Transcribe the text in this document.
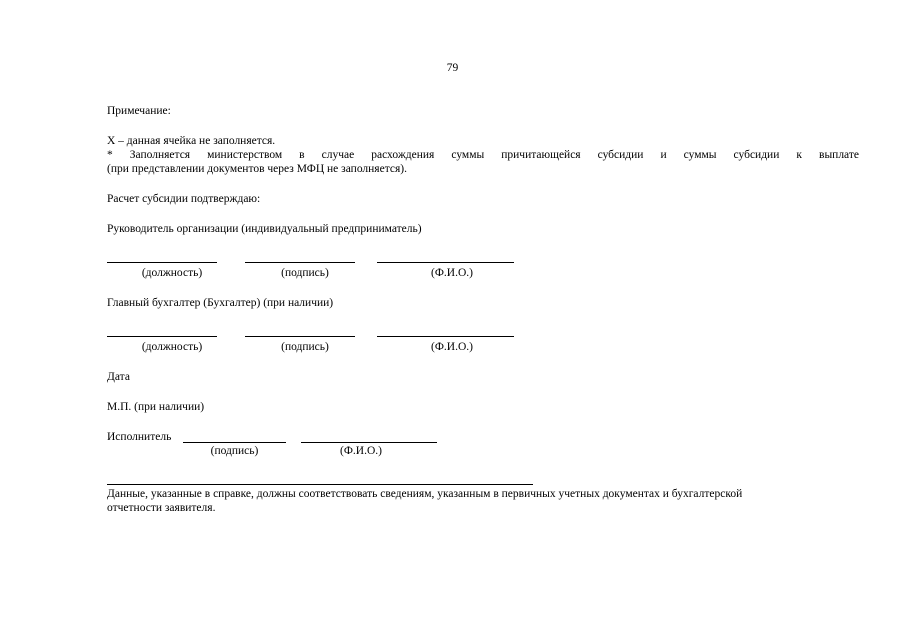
79
Примечание:
Х – данная ячейка не заполняется.
* Заполняется министерством в случае расхождения суммы причитающейся субсидии и суммы субсидии к выплате
(при представлении документов через МФЦ не заполняется).
Расчет субсидии подтверждаю:
Руководитель организации (индивидуальный предприниматель)
(должность)	(подпись)	(Ф.И.О.)
Главный бухгалтер (Бухгалтер) (при наличии)
(должность)	(подпись)	(Ф.И.О.)
Дата
М.П. (при наличии)
Исполнитель
(подпись)	(Ф.И.О.)
Данные, указанные в справке, должны соответствовать сведениям, указанным в первичных учетных документах и бухгалтерской
отчетности заявителя.
